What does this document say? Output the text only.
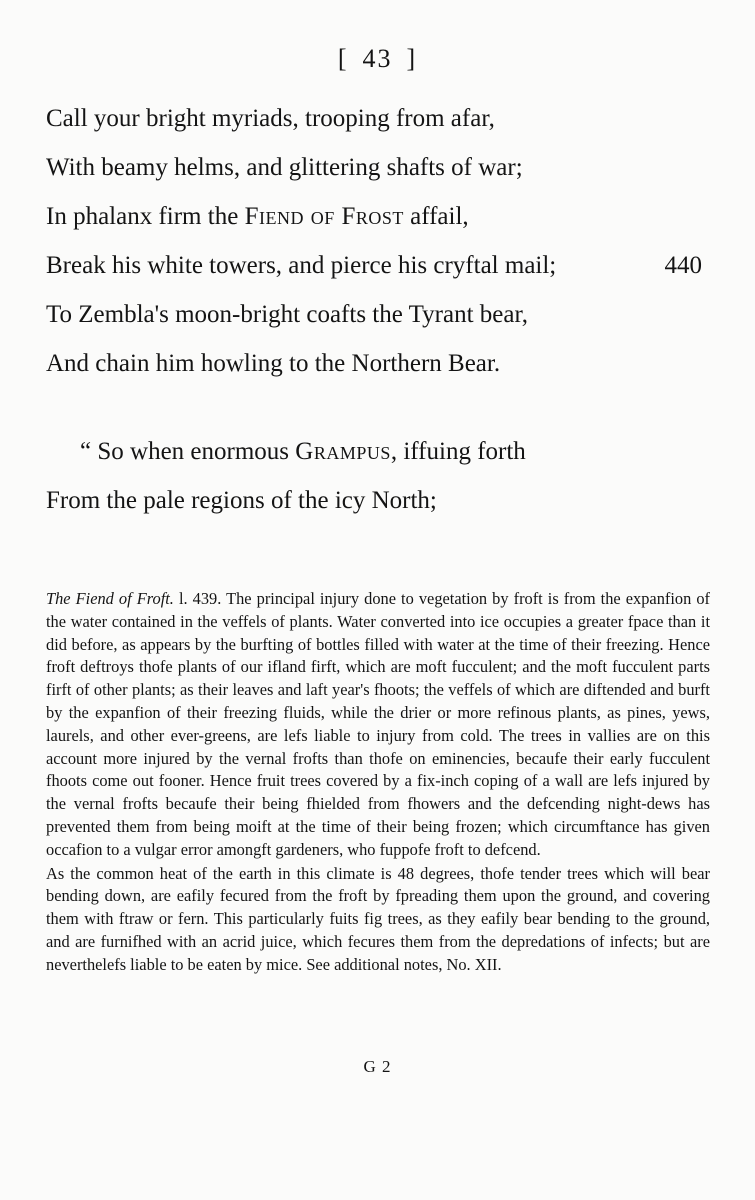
[ 43 ]
Call your bright myriads, trooping from afar,
With beamy helms, and glittering shafts of war;
In phalanx firm the Fiend of Frost affail,
Break his white towers, and pierce his cryftal mail;	440
To Zembla's moon-bright coafts the Tyrant bear,
And chain him howling to the Northern Bear.
“ So when enormous Grampus, iffuing forth
From the pale regions of the icy North;

The Fiend of Froft. l. 439. The principal injury done to vegetation by froft is from the expanfion of the water contained in the veffels of plants. Water converted into ice occupies a greater fpace than it did before, as appears by the burfting of bottles filled with water at the time of their freezing. Hence froft deftroys thofe plants of our ifland firft, which are moft fucculent; and the moft fucculent parts firft of other plants; as their leaves and laft year's fhoots; the veffels of which are diftended and burft by the expanfion of their freezing fluids, while the drier or more refinous plants, as pines, yews, laurels, and other ever-greens, are lefs liable to injury from cold. The trees in vallies are on this account more injured by the vernal frofts than thofe on eminencies, becaufe their early fucculent fhoots come out fooner. Hence fruit trees covered by a fix-inch coping of a wall are lefs injured by the vernal frofts becaufe their being fhielded from fhowers and the defcending night-dews has prevented them from being moift at the time of their being frozen; which circumftance has given occafion to a vulgar error amongft gardeners, who fuppofe froft to defcend.

As the common heat of the earth in this climate is 48 degrees, thofe tender trees which will bear bending down, are eafily fecured from the froft by fpreading them upon the ground, and covering them with ftraw or fern. This particularly fuits fig trees, as they eafily bear bending to the ground, and are furnifhed with an acrid juice, which fecures them from the depredations of infects; but are neverthelefs liable to be eaten by mice. See additional notes, No. XII.

G 2
